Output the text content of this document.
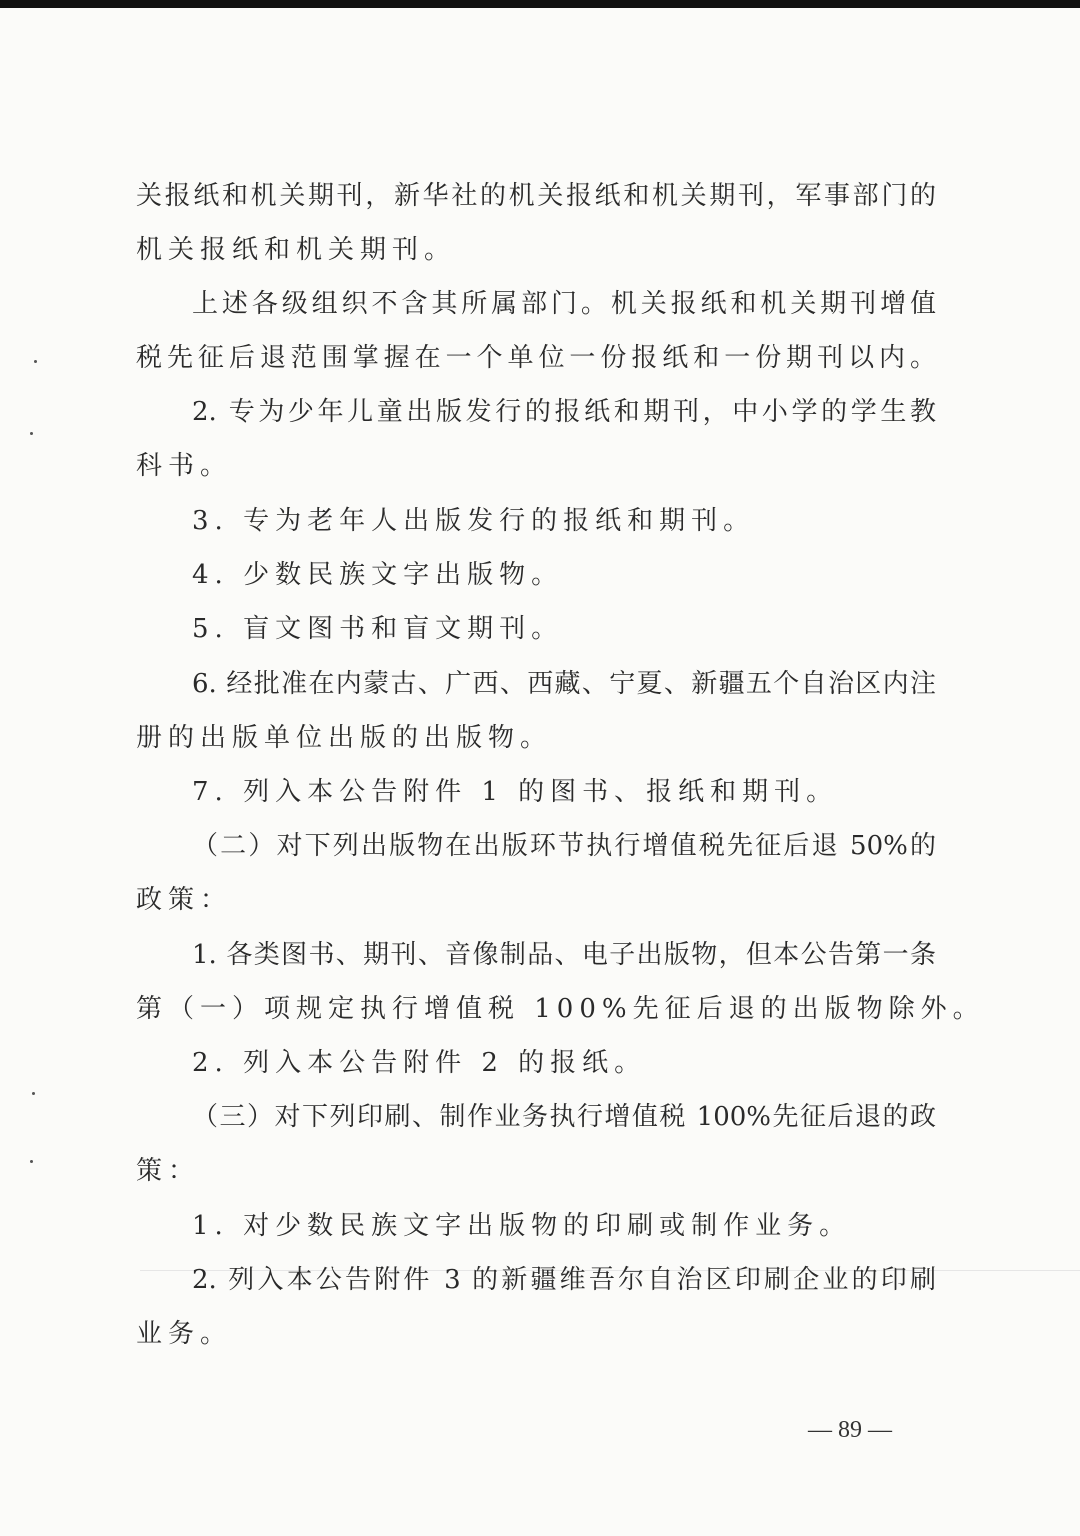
关报纸和机关期刊，新华社的机关报纸和机关期刊，军事部门的
机关报纸和机关期刊。
上述各级组织不含其所属部门。机关报纸和机关期刊增值
税先征后退范围掌握在一个单位一份报纸和一份期刊以内。
2. 专为少年儿童出版发行的报纸和期刊，中小学的学生教
科书。
3. 专为老年人出版发行的报纸和期刊。
4. 少数民族文字出版物。
5. 盲文图书和盲文期刊。
6. 经批准在内蒙古、广西、西藏、宁夏、新疆五个自治区内注
册的出版单位出版的出版物。
7. 列入本公告附件 1 的图书、报纸和期刊。
（二）对下列出版物在出版环节执行增值税先征后退 50%的
政策：
1. 各类图书、期刊、音像制品、电子出版物，但本公告第一条
第（一）项规定执行增值税 100%先征后退的出版物除外。
2. 列入本公告附件 2 的报纸。
（三）对下列印刷、制作业务执行增值税 100%先征后退的政
策：
1. 对少数民族文字出版物的印刷或制作业务。
2. 列入本公告附件 3 的新疆维吾尔自治区印刷企业的印刷
业务。
— 89 —
